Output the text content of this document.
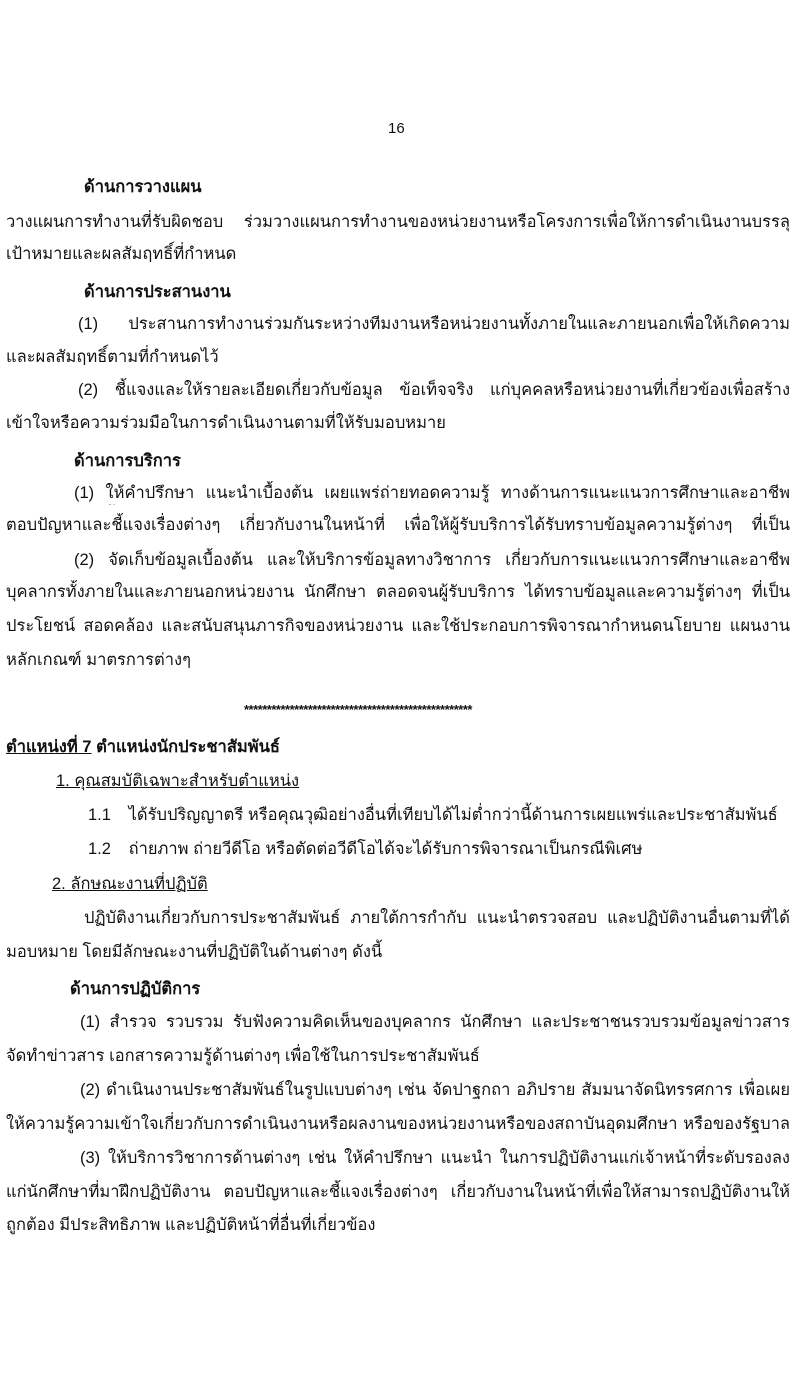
16
ด้านการวางแผน
วางแผนการทำงานที่รับผิดชอบ ร่วมวางแผนการทำงานของหน่วยงานหรือโครงการเพื่อให้การดำเนินงานบรรลุ
เป้าหมายและผลสัมฤทธิ์ที่กำหนด
ด้านการประสานงาน
(1) ประสานการทำงานร่วมกันระหว่างทีมงานหรือหน่วยงานทั้งภายในและภายนอกเพื่อให้เกิดความ
และผลสัมฤทธิ์ตามที่กำหนดไว้
(2) ชี้แจงและให้รายละเอียดเกี่ยวกับข้อมูล ข้อเท็จจริง แก่บุคคลหรือหน่วยงานที่เกี่ยวข้องเพื่อสร้าง
เข้าใจหรือความร่วมมือในการดำเนินงานตามที่ให้รับมอบหมาย
ด้านการบริการ
(1) ให้คำปรึกษา แนะนำเบื้องต้น เผยแพร่ถ่ายทอดความรู้ ทางด้านการแนะแนวการศึกษาและอาชีพ
ตอบปัญหาและชี้แจงเรื่องต่างๆ เกี่ยวกับงานในหน้าที่ เพื่อให้ผู้รับบริการได้รับทราบข้อมูลความรู้ต่างๆ ที่เป็น
(2) จัดเก็บข้อมูลเบื้องต้น และให้บริการข้อมูลทางวิชาการ เกี่ยวกับการแนะแนวการศึกษาและอาชีพ
บุคลากรทั้งภายในและภายนอกหน่วยงาน นักศึกษา ตลอดจนผู้รับบริการ ได้ทราบข้อมูลและความรู้ต่างๆ ที่เป็น
ประโยชน์ สอดคล้อง และสนับสนุนภารกิจของหน่วยงาน และใช้ประกอบการพิจารณากำหนดนโยบาย แผนงาน
หลักเกณฑ์ มาตรการต่างๆ
**************************************************
ตำแหน่งที่ 7 ตำแหน่งนักประชาสัมพันธ์
1. คุณสมบัติเฉพาะสำหรับตำแหน่ง
1.1 ได้รับปริญญาตรี หรือคุณวุฒิอย่างอื่นที่เทียบได้ไม่ต่ำกว่านี้ด้านการเผยแพร่และประชาสัมพันธ์
1.2 ถ่ายภาพ ถ่ายวีดีโอ หรือตัดต่อวีดีโอได้จะได้รับการพิจารณาเป็นกรณีพิเศษ
2. ลักษณะงานที่ปฏิบัติ
ปฏิบัติงานเกี่ยวกับการประชาสัมพันธ์ ภายใต้การกำกับ แนะนำตรวจสอบ และปฏิบัติงานอื่นตามที่ได้
มอบหมาย โดยมีลักษณะงานที่ปฏิบัติในด้านต่างๆ ดังนี้
ด้านการปฏิบัติการ
(1) สำรวจ รวบรวม รับฟังความคิดเห็นของบุคลากร นักศึกษา และประชาชนรวบรวมข้อมูลข่าวสาร
จัดทำข่าวสาร เอกสารความรู้ด้านต่างๆ เพื่อใช้ในการประชาสัมพันธ์
(2) ดำเนินงานประชาสัมพันธ์ในรูปแบบต่างๆ เช่น จัดปาฐกถา อภิปราย สัมมนาจัดนิทรรศการ เพื่อเผย
ให้ความรู้ความเข้าใจเกี่ยวกับการดำเนินงานหรือผลงานของหน่วยงานหรือของสถาบันอุดมศึกษา หรือของรัฐบาล
(3) ให้บริการวิชาการด้านต่างๆ เช่น ให้คำปรึกษา แนะนำ ในการปฏิบัติงานแก่เจ้าหน้าที่ระดับรองลง
แก่นักศึกษาที่มาฝึกปฏิบัติงาน ตอบปัญหาและชี้แจงเรื่องต่างๆ เกี่ยวกับงานในหน้าที่เพื่อให้สามารถปฏิบัติงานให้
ถูกต้อง มีประสิทธิภาพ และปฏิบัติหน้าที่อื่นที่เกี่ยวข้อง
